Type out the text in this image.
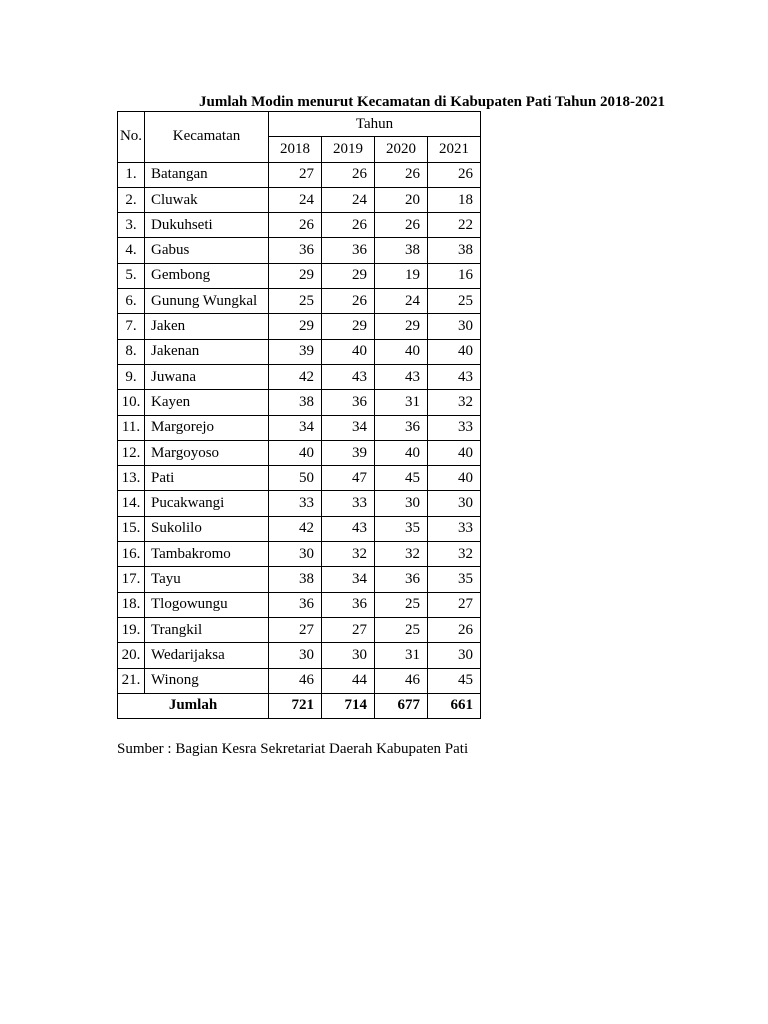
Jumlah Modin menurut Kecamatan di Kabupaten Pati Tahun 2018-2021
No.	Kecamatan	Tahun			
		2018	2019	2020	2021
1.	Batangan	27	26	26	26
2.	Cluwak	24	24	20	18
3.	Dukuhseti	26	26	26	22
4.	Gabus	36	36	38	38
5.	Gembong	29	29	19	16
6.	Gunung Wungkal	25	26	24	25
7.	Jaken	29	29	29	30
8.	Jakenan	39	40	40	40
9.	Juwana	42	43	43	43
10.	Kayen	38	36	31	32
11.	Margorejo	34	34	36	33
12.	Margoyoso	40	39	40	40
13.	Pati	50	47	45	40
14.	Pucakwangi	33	33	30	30
15.	Sukolilo	42	43	35	33
16.	Tambakromo	30	32	32	32
17.	Tayu	38	34	36	35
18.	Tlogowungu	36	36	25	27
19.	Trangkil	27	27	25	26
20.	Wedarijaksa	30	30	31	30
21.	Winong	46	44	46	45
Jumlah		721	714	677	661
Sumber : Bagian Kesra Sekretariat Daerah Kabupaten Pati
